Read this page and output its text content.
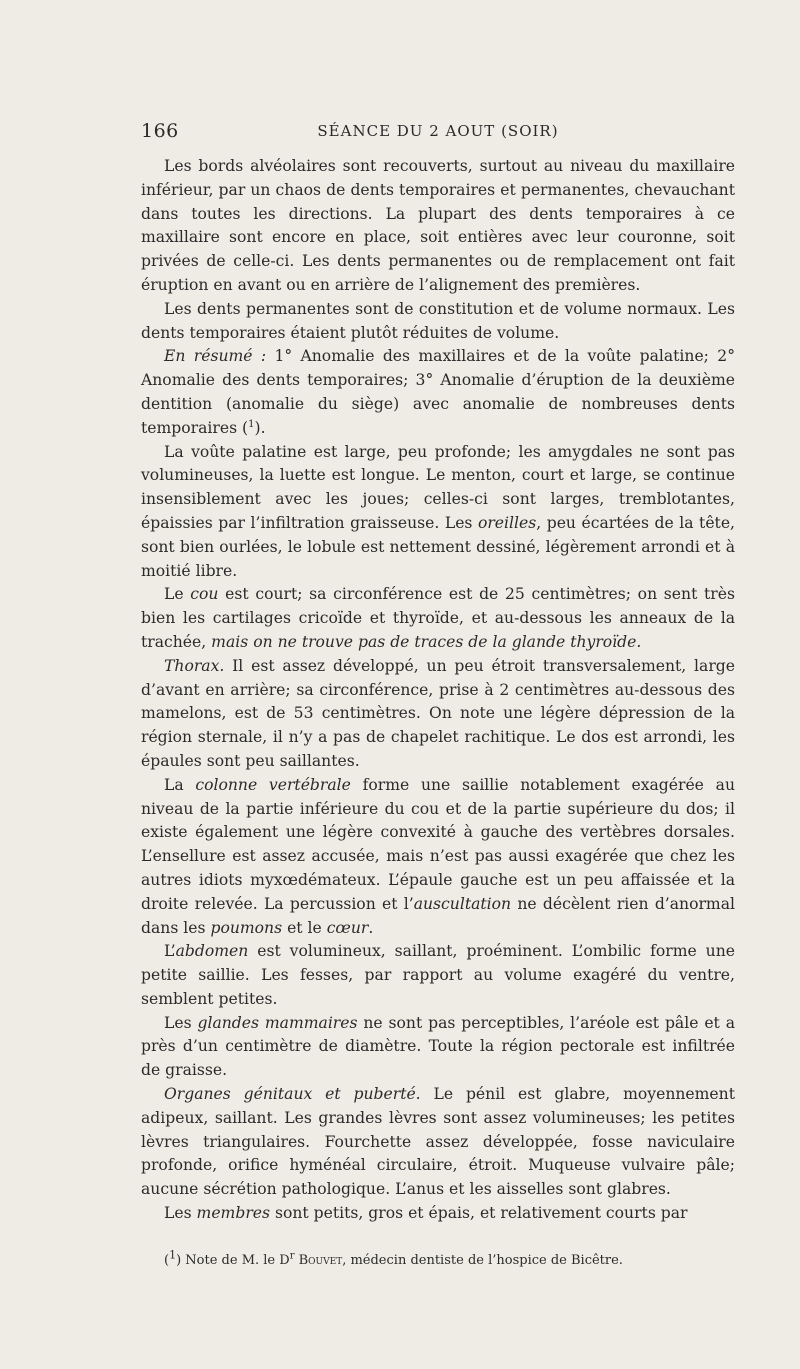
166	SÉANCE DU 2 AOUT (SOIR)

Les bords alvéolaires sont recouverts, surtout au niveau du maxillaire inférieur, par un chaos de dents temporaires et permanentes, chevauchant dans toutes les directions. La plupart des dents temporaires à ce maxillaire sont encore en place, soit entières avec leur couronne, soit privées de celle-ci. Les dents permanentes ou de remplacement ont fait éruption en avant ou en arrière de l’alignement des premières.

Les dents permanentes sont de constitution et de volume normaux. Les dents temporaires étaient plutôt réduites de volume.

En résumé : 1° Anomalie des maxillaires et de la voûte palatine; 2° Anomalie des dents temporaires; 3° Anomalie d’éruption de la deuxième dentition (anomalie du siège) avec anomalie de nombreuses dents temporaires ($^1$).

La voûte palatine est large, peu profonde; les amygdales ne sont pas volumineuses, la luette est longue. Le menton, court et large, se continue insensiblement avec les joues; celles-ci sont larges, tremblotantes, épaissies par l’infiltration graisseuse. Les oreilles, peu écartées de la tête, sont bien ourlées, le lobule est nettement dessiné, légèrement arrondi et à moitié libre.

Le cou est court; sa circonférence est de 25 centimètres; on sent très bien les cartilages cricoïde et thyroïde, et au-dessous les anneaux de la trachée, mais on ne trouve pas de traces de la glande thyroïde.

Thorax. Il est assez développé, un peu étroit transversalement, large d’avant en arrière; sa circonférence, prise à 2 centimètres au-dessous des mamelons, est de 53 centimètres. On note une légère dépression de la région sternale, il n’y a pas de chapelet rachitique. Le dos est arrondi, les épaules sont peu saillantes.

La colonne vertébrale forme une saillie notablement exagérée au niveau de la partie inférieure du cou et de la partie supérieure du dos; il existe également une légère convexité à gauche des vertèbres dorsales. L’ensellure est assez accusée, mais n’est pas aussi exagérée que chez les autres idiots myxœdémateux. L’épaule gauche est un peu affaissée et la droite relevée. La percussion et l’auscultation ne décèlent rien d’anormal dans les poumons et le cœur.

L’abdomen est volumineux, saillant, proéminent. L’ombilic forme une petite saillie. Les fesses, par rapport au volume exagéré du ventre, semblent petites.

Les glandes mammaires ne sont pas perceptibles, l’aréole est pâle et a près d’un centimètre de diamètre. Toute la région pectorale est infiltrée de graisse.

Organes génitaux et puberté. Le pénil est glabre, moyennement adipeux, saillant. Les grandes lèvres sont assez volumineuses; les petites lèvres triangulaires. Fourchette assez développée, fosse naviculaire profonde, orifice hyménéal circulaire, étroit. Muqueuse vulvaire pâle; aucune sécrétion pathologique. L’anus et les aisselles sont glabres.

Les membres sont petits, gros et épais, et relativement courts par

($^1$) Note de M. le $D^r$ Bouvet, médecin dentiste de l’hospice de Bicêtre.
